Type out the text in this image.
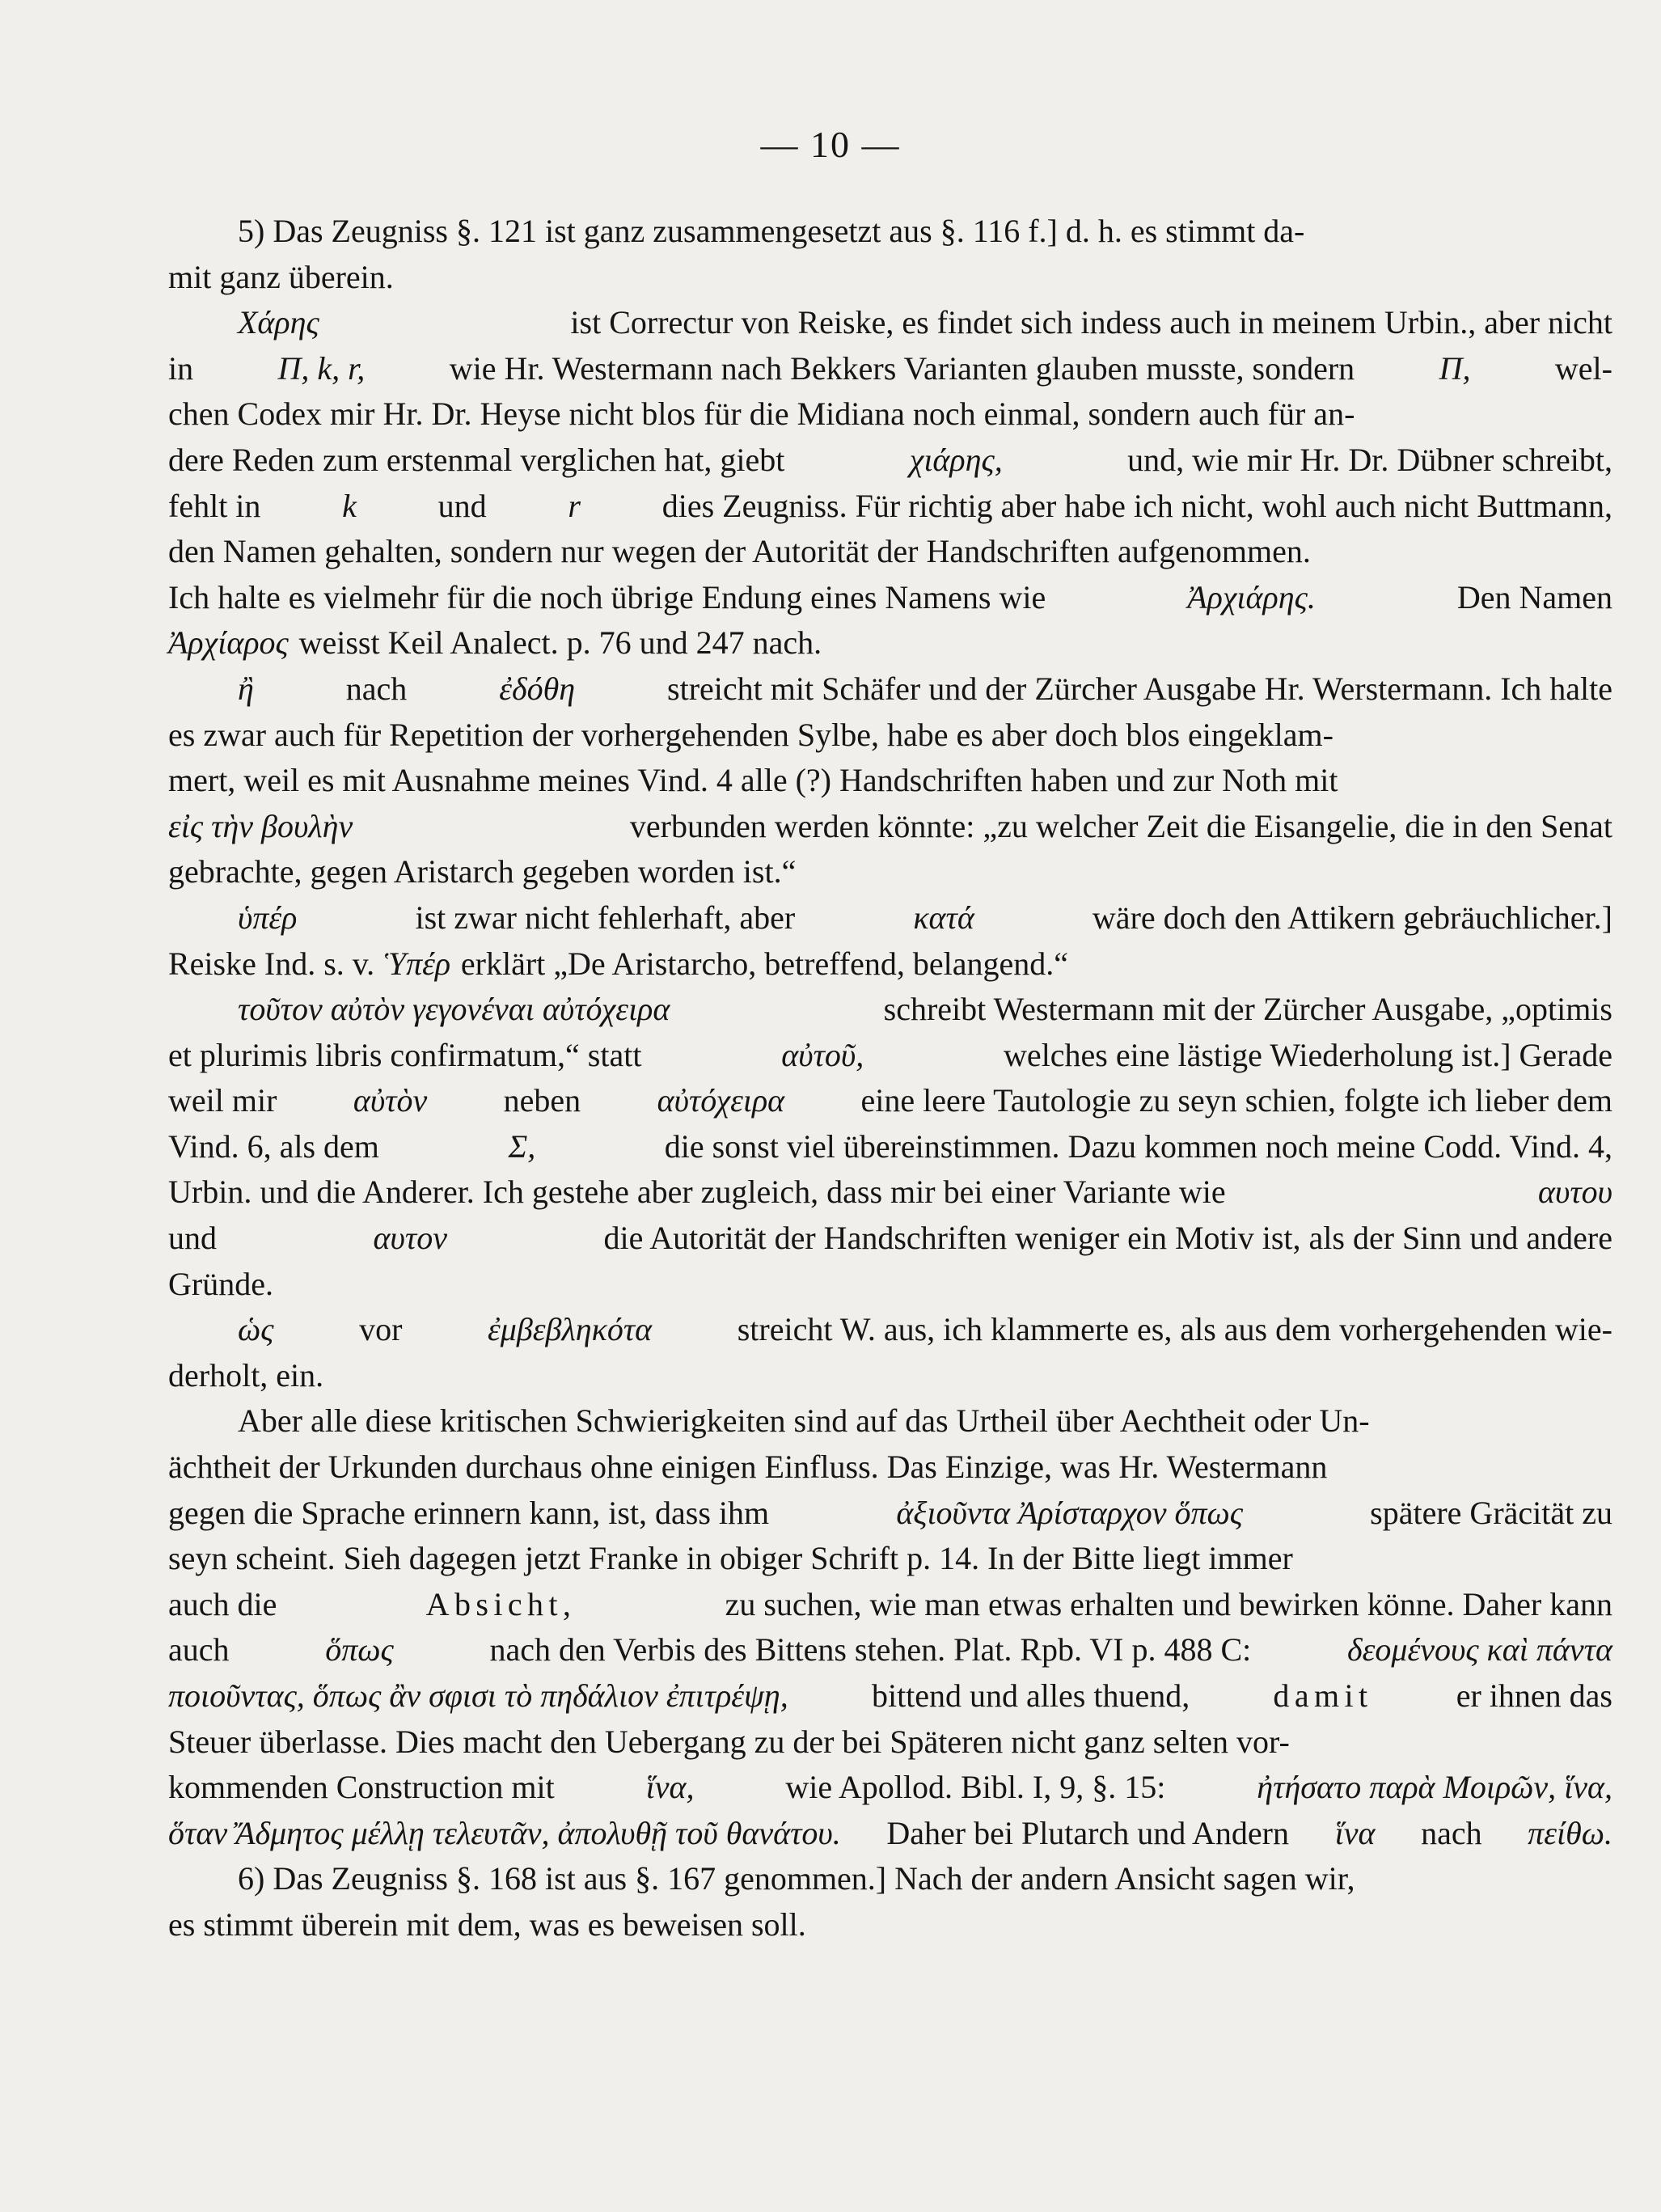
— 10 —
5) Das Zeugniss §. 121 ist ganz zusammengesetzt aus §. 116 f.] d. h. es stimmt da-
mit ganz überein.
Χάρης	ist Correctur von Reiske, es findet sich indess auch in meinem Urbin., aber nicht
in	Π, k, r,	wie Hr. Westermann nach Bekkers Varianten glauben musste, sondern	Π,	wel-
chen Codex mir Hr. Dr. Heyse nicht blos für die Midiana noch einmal, sondern auch für an-
dere Reden zum erstenmal verglichen hat, giebt	χιάρης,	und, wie mir Hr. Dr. Dübner schreibt,
fehlt in	k	und	r	dies Zeugniss. Für richtig aber habe ich nicht, wohl auch nicht Buttmann,
den Namen gehalten, sondern nur wegen der Autorität der Handschriften aufgenommen.
Ich halte es vielmehr für die noch übrige Endung eines Namens wie	Ἀρχιάρης.	Den Namen
Ἀρχίαρος weisst Keil Analect. p. 76 und 247 nach.
ἢ	nach	ἐδόθη	streicht mit Schäfer und der Zürcher Ausgabe Hr. Werstermann. Ich halte
es zwar auch für Repetition der vorhergehenden Sylbe, habe es aber doch blos eingeklam-
mert, weil es mit Ausnahme meines Vind. 4 alle (?) Handschriften haben und zur Noth mit
εἰς τὴν βουλὴν	verbunden werden könnte: „zu welcher Zeit die Eisangelie, die in den Senat
gebrachte, gegen Aristarch gegeben worden ist.“
ὑπέρ	ist zwar nicht fehlerhaft, aber	κατά	wäre doch den Attikern gebräuchlicher.]
Reiske Ind. s. v. Ὑπέρ erklärt „De Aristarcho, betreffend, belangend.“
τοῦτον αὐτὸν γεγονέναι αὐτόχειρα	schreibt Westermann mit der Zürcher Ausgabe, „optimis
et plurimis libris confirmatum,“ statt	αὐτοῦ,	welches eine lästige Wiederholung ist.] Gerade
weil mir αὐτὸν neben αὐτόχειρα eine leere Tautologie zu seyn schien, folgte ich lieber dem
Vind. 6, als dem	Σ,	die sonst viel übereinstimmen. Dazu kommen noch meine Codd. Vind. 4,
Urbin. und die Anderer. Ich gestehe aber zugleich, dass mir bei einer Variante wie	αυτου
und	αυτον	die Autorität der Handschriften weniger ein Motiv ist, als der Sinn und andere
Gründe.
ὡς	vor	ἐμβεβληκότα	streicht W. aus, ich klammerte es, als aus dem vorhergehenden wie-
derholt, ein.
Aber alle diese kritischen Schwierigkeiten sind auf das Urtheil über Aechtheit oder Un-
ächtheit der Urkunden durchaus ohne einigen Einfluss. Das Einzige, was Hr. Westermann
gegen die Sprache erinnern kann, ist, dass ihm	ἀξιοῦντα Ἀρίσταρχον ὅπως	spätere Gräcität zu
seyn scheint. Sieh dagegen jetzt Franke in obiger Schrift p. 14. In der Bitte liegt immer
auch die	Absicht,	zu suchen, wie man etwas erhalten und bewirken könne. Daher kann
auch	ὅπως	nach den Verbis des Bittens stehen. Plat. Rpb. VI p. 488 C:	δεομένους καὶ πάντα
ποιοῦντας, ὅπως ἂν σφισι τὸ πηδάλιον ἐπιτρέψῃ,	bittend und alles thuend,	damit	er ihnen das
Steuer überlasse. Dies macht den Uebergang zu der bei Späteren nicht ganz selten vor-
kommenden Construction mit	ἵνα,	wie Apollod. Bibl. I, 9, §. 15:	ἠτήσατο παρὰ Μοιρῶν, ἵνα,
ὅταν Ἄδμητος μέλλῃ τελευτᾶν, ἀπολυθῇ τοῦ θανάτου. Daher bei Plutarch und Andern ἵνα nach πείθω.
6) Das Zeugniss §. 168 ist aus §. 167 genommen.] Nach der andern Ansicht sagen wir,
es stimmt überein mit dem, was es beweisen soll.
